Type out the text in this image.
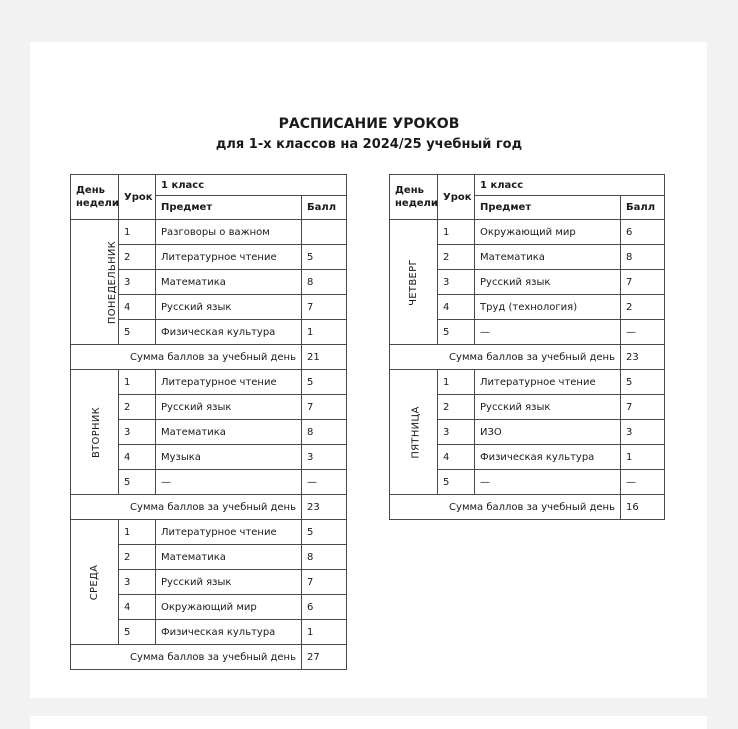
РАСПИСАНИЕ УРОКОВ
для 1-х классов на 2024/25 учебный год
День недели	Урок	1 класс	
		Предмет	Балл
ПОНЕДЕЛЬНИК	1	Разговоры о важном	
	2	Литературное чтение	5
	3	Математика	8
	4	Русский язык	7
	5	Физическая культура	1
Сумма баллов за учебный день			21
ВТОРНИК	1	Литературное чтение	5
	2	Русский язык	7
	3	Математика	8
	4	Музыка	3
	5	—	—
Сумма баллов за учебный день			23
СРЕДА	1	Литературное чтение	5
	2	Математика	8
	3	Русский язык	7
	4	Окружающий мир	6
	5	Физическая культура	1
Сумма баллов за учебный день			27
День недели	Урок	1 класс	
		Предмет	Балл
ЧЕТВЕРГ	1	Окружающий мир	6
	2	Математика	8
	3	Русский язык	7
	4	Труд (технология)	2
	5	—	—
Сумма баллов за учебный день			23
ПЯТНИЦА	1	Литературное чтение	5
	2	Русский язык	7
	3	ИЗО	3
	4	Физическая культура	1
	5	—	—
Сумма баллов за учебный день			16
